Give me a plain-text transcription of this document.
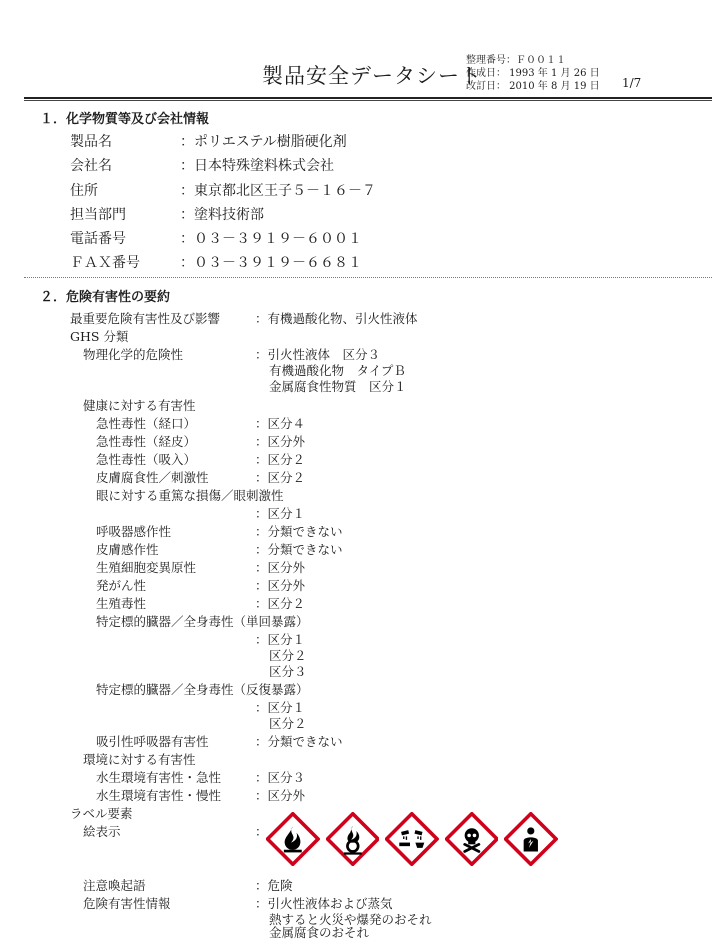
製品安全データシート
整理番号：Ｆ００１１
作成日： 1993 年 1 月 26 日
改訂日： 2010 年 8 月 19 日 1/7
１．化学物質等及び会社情報
製品名	：ポリエステル樹脂硬化剤
会社名	：日本特殊塗料株式会社
住所	：東京都北区王子５－１６－７
担当部門	：塗料技術部
電話番号	：０３－３９１９－６００１
ＦＡＸ番号	：０３－３９１９－６６８１
２．危険有害性の要約
最重要危険有害性及び影響	：有機過酸化物、引火性液体
GHS 分類
物理化学的危険性	：引火性液体　区分３
有機過酸化物　タイプＢ
金属腐食性物質　区分１
健康に対する有害性
急性毒性（経口）	：区分４
急性毒性（経皮）	：区分外
急性毒性（吸入）	：区分２
皮膚腐食性／刺激性	：区分２
眼に対する重篤な損傷／眼刺激性
：区分１
呼吸器感作性	：分類できない
皮膚感作性	：分類できない
生殖細胞変異原性	：区分外
発がん性	：区分外
生殖毒性	：区分２
特定標的臓器／全身毒性（単回暴露）
：区分１
区分２
区分３
特定標的臓器／全身毒性（反復暴露）
：区分１
区分２
吸引性呼吸器有害性	：分類できない
環境に対する有害性
水生環境有害性・急性	：区分３
水生環境有害性・慢性	：区分外
ラベル要素
絵表示	：
注意喚起語	：危険
危険有害性情報	：引火性液体および蒸気
熱すると火災や爆発のおそれ
金属腐食のおそれ
